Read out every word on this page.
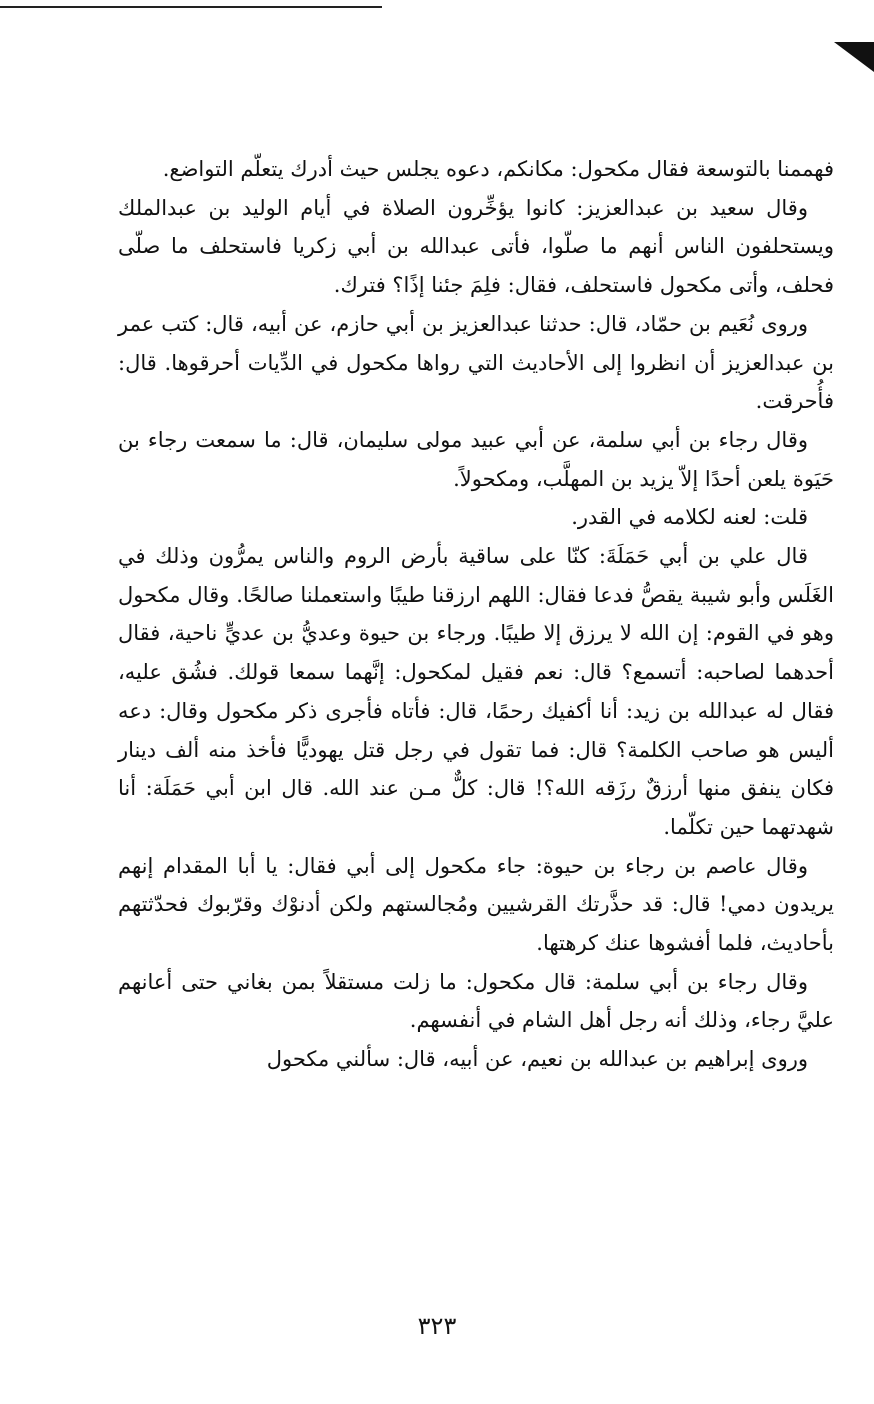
فهممنا بالتوسعة فقال مكحول: مكانكم، دعوه يجلس حيث أدرك يتعلّم التواضع.

وقال سعيد بن عبدالعزيز: كانوا يؤخِّرون الصلاة في أيام الوليد بن عبدالملك ويستحلفون الناس أنهم ما صلّوا، فأتى عبدالله بن أبي زكريا فاستحلف ما صلّى فحلف، وأتى مكحول فاستحلف، فقال: فلِمَ جئنا إذًا؟ فترك.

وروى نُعَيم بن حمّاد، قال: حدثنا عبدالعزيز بن أبي حازم، عن أبيه، قال: كتب عمر بن عبدالعزيز أن انظروا إلى الأحاديث التي رواها مكحول في الدِّيات أحرقوها. قال: فأُحرقت.

وقال رجاء بن أبي سلمة، عن أبي عبيد مولى سليمان، قال: ما سمعت رجاء بن حَيَوة يلعن أحدًا إلاّ يزيد بن المهلَّب، ومكحولاً.

قلت: لعنه لكلامه في القدر.

قال علي بن أبي حَمَلَةَ: كنّا على ساقية بأرض الروم والناس يمرُّون وذلك في الغَلَس وأبو شيبة يقصُّ فدعا فقال: اللهم ارزقنا طيبًا واستعملنا صالحًا. وقال مكحول وهو في القوم: إن الله لا يرزق إلا طيبًا. ورجاء بن حيوة وعديُّ بن عديٍّ ناحية، فقال أحدهما لصاحبه: أتسمع؟ قال: نعم فقيل لمكحول: إنَّهما سمعا قولك. فشُق عليه، فقال له عبدالله بن زيد: أنا أكفيك رحمًا، قال: فأتاه فأجرى ذكر مكحول وقال: دعه أليس هو صاحب الكلمة؟ قال: فما تقول في رجل قتل يهوديًّا فأخذ منه ألف دينار فكان ينفق منها أرزقٌ رزَقه الله؟! قال: كلٌّ مـن عند الله. قال ابن أبي حَمَلَة: أنا شهدتهما حين تكلّما.

وقال عاصم بن رجاء بن حيوة: جاء مكحول إلى أبي فقال: يا أبا المقدام إنهم يريدون دمي! قال: قد حذَّرتك القرشيين ومُجالستهم ولكن أدنوْك وقرّبوك فحدّثتهم بأحاديث، فلما أفشوها عنك كرهتها.

وقال رجاء بن أبي سلمة: قال مكحول: ما زلت مستقلاً بمن بغاني حتى أعانهم عليَّ رجاء، وذلك أنه رجل أهل الشام في أنفسهم.

وروى إبراهيم بن عبدالله بن نعيم، عن أبيه، قال: سألني مكحول

٣٢٣
